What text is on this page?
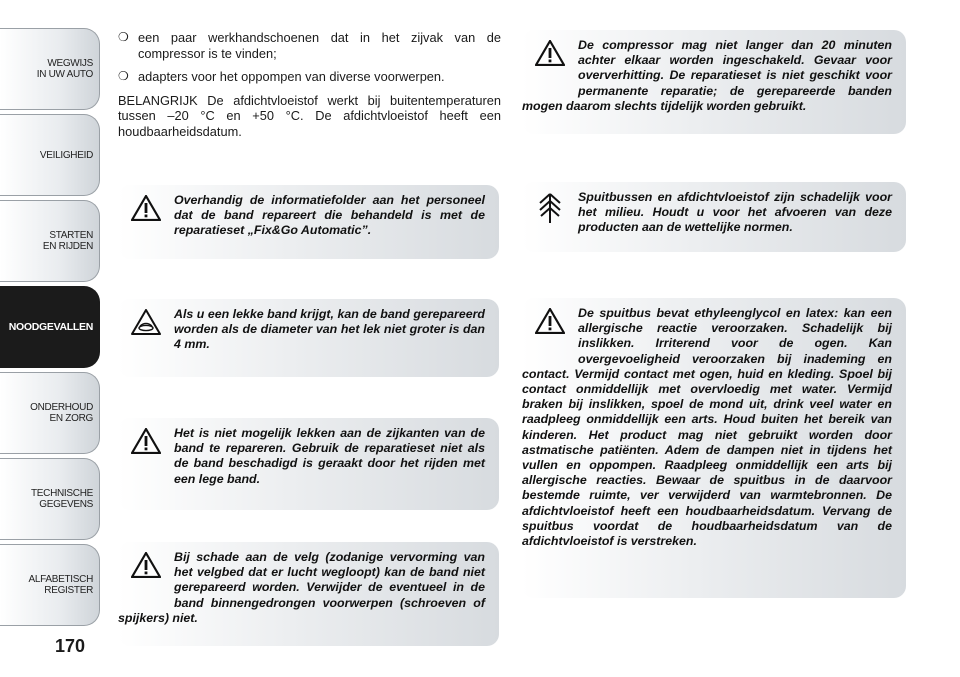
WEGWIJS
IN UW AUTO
VEILIGHEID
STARTEN
EN RIJDEN
NOODGEVALLEN
ONDERHOUD
EN ZORG
TECHNISCHE
GEGEVENS
ALFABETISCH
REGISTER
170
❍ een paar werkhandschoenen dat in het zijvak van de compressor is te vinden;
❍ adapters voor het oppompen van diverse voorwerpen.
BELANGRIJK De afdichtvloeistof werkt bij buitentemperaturen tussen –20 °C en +50 °C. De afdichtvloeistof heeft een houdbaarheidsdatum.
Overhandig de informatiefolder aan het personeel dat de band repareert die behandeld is met de reparatieset „Fix&Go Automatic”.
Als u een lekke band krijgt, kan de band gerepareerd worden als de diameter van het lek niet groter is dan 4 mm.
Het is niet mogelijk lekken aan de zijkanten van de band te repareren. Gebruik de reparatieset niet als de band beschadigd is geraakt door het rijden met een lege band.
Bij schade aan de velg (zodanige vervorming van het velgbed dat er lucht wegloopt) kan de band niet gerepareerd worden. Verwijder de eventueel in de band binnengedrongen voorwerpen (schroeven of spijkers) niet.
De compressor mag niet langer dan 20 minuten achter elkaar worden ingeschakeld. Gevaar voor oververhitting. De reparatieset is niet geschikt voor permanente reparatie; de gerepareerde banden mogen daarom slechts tijdelijk worden gebruikt.
Spuitbussen en afdichtvloeistof zijn schadelijk voor het milieu. Houdt u voor het afvoeren van deze producten aan de wettelijke normen.
De spuitbus bevat ethyleenglycol en latex: kan een allergische reactie veroorzaken. Schadelijk bij inslikken. Irriterend voor de ogen. Kan overgevoeligheid veroorzaken bij inademing en contact. Vermijd contact met ogen, huid en kleding. Spoel bij contact onmiddellijk met overvloedig met water. Vermijd braken bij inslikken, spoel de mond uit, drink veel water en raadpleeg onmiddellijk een arts. Houd buiten het bereik van kinderen. Het product mag niet gebruikt worden door astmatische patiënten. Adem de dampen niet in tijdens het vullen en oppompen. Raadpleeg onmiddellijk een arts bij allergische reacties. Bewaar de spuitbus in de daarvoor bestemde ruimte, ver verwijderd van warmtebronnen. De afdichtvloeistof heeft een houdbaarheidsdatum. Vervang de spuitbus voordat de houdbaarheidsdatum van de afdichtvloeistof is verstreken.
